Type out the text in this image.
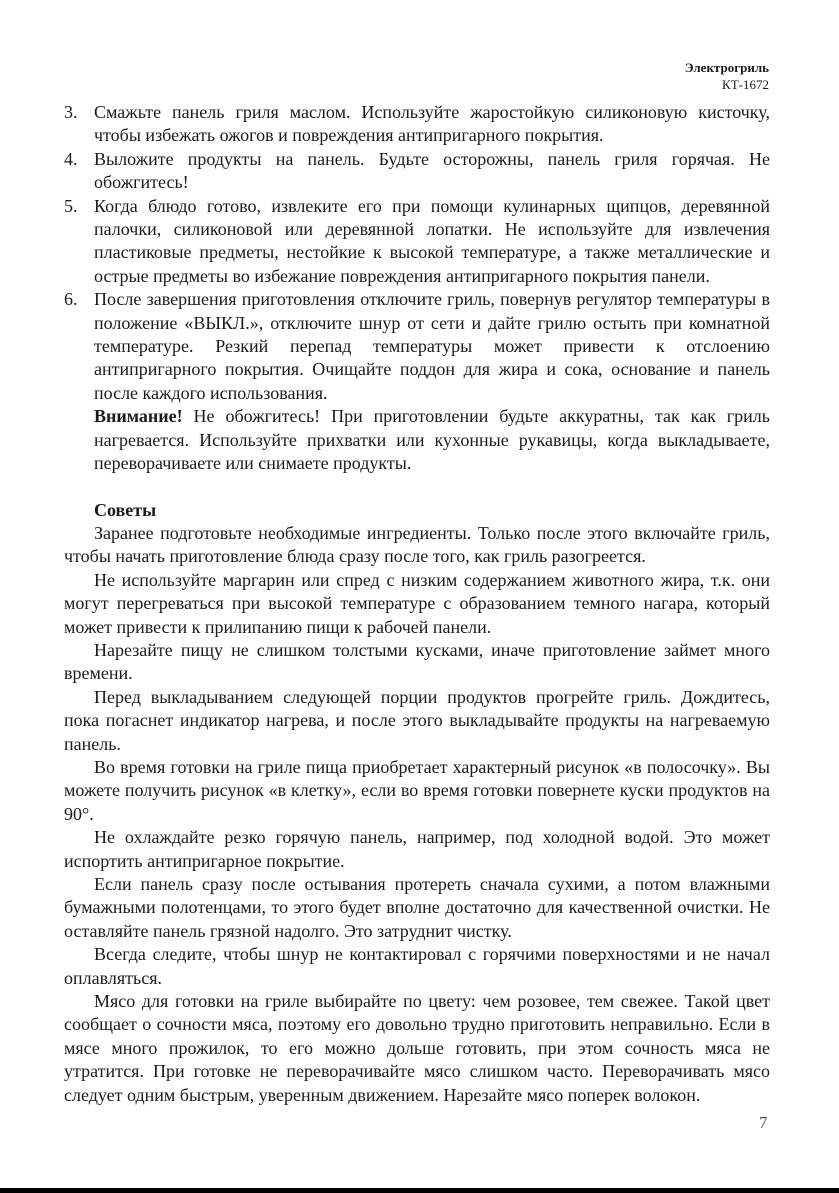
Электрогриль
КТ-1672
3. Смажьте панель гриля маслом. Используйте жаростойкую силиконовую кисточку, чтобы избежать ожогов и повреждения антипригарного покрытия.
4. Выложите продукты на панель. Будьте осторожны, панель гриля горячая. Не обожгитесь!
5. Когда блюдо готово, извлеките его при помощи кулинарных щипцов, деревянной палочки, силиконовой или деревянной лопатки. Не используйте для извлечения пластиковые предметы, нестойкие к высокой температуре, а также металлические и острые предметы во избежание повреждения антипригарного покрытия панели.
6. После завершения приготовления отключите гриль, повернув регулятор температуры в положение «ВЫКЛ.», отключите шнур от сети и дайте грилю остыть при комнатной температуре. Резкий перепад температуры может привести к отслоению антипригарного покрытия. Очищайте поддон для жира и сока, основание и панель после каждого использования.

Внимание! Не обожгитесь! При приготовлении будьте аккуратны, так как гриль нагревается. Используйте прихватки или кухонные рукавицы, когда выкладываете, переворачиваете или снимаете продукты.

Советы

Заранее подготовьте необходимые ингредиенты. Только после этого включайте гриль, чтобы начать приготовление блюда сразу после того, как гриль разогреется.

Не используйте маргарин или спред с низким содержанием животного жира, т.к. они могут перегреваться при высокой температуре с образованием темного нагара, который может привести к прилипанию пищи к рабочей панели.

Нарезайте пищу не слишком толстыми кусками, иначе приготовление займет много времени.

Перед выкладыванием следующей порции продуктов прогрейте гриль. Дождитесь, пока погаснет индикатор нагрева, и после этого выкладывайте продукты на нагреваемую панель.

Во время готовки на гриле пища приобретает характерный рисунок «в полосочку». Вы можете получить рисунок «в клетку», если во время готовки повернете куски продуктов на 90°.

Не охлаждайте резко горячую панель, например, под холодной водой. Это может испортить антипригарное покрытие.

Если панель сразу после остывания протереть сначала сухими, а потом влажными бумажными полотенцами, то этого будет вполне достаточно для качественной очистки. Не оставляйте панель грязной надолго. Это затруднит чистку.

Всегда следите, чтобы шнур не контактировал с горячими поверхностями и не начал оплавляться.

Мясо для готовки на гриле выбирайте по цвету: чем розовее, тем свежее. Такой цвет сообщает о сочности мяса, поэтому его довольно трудно приготовить неправильно. Если в мясе много прожилок, то его можно дольше готовить, при этом сочность мяса не утратится. При готовке не переворачивайте мясо слишком часто. Переворачивать мясо следует одним быстрым, уверенным движением. Нарезайте мясо поперек волокон.

7
